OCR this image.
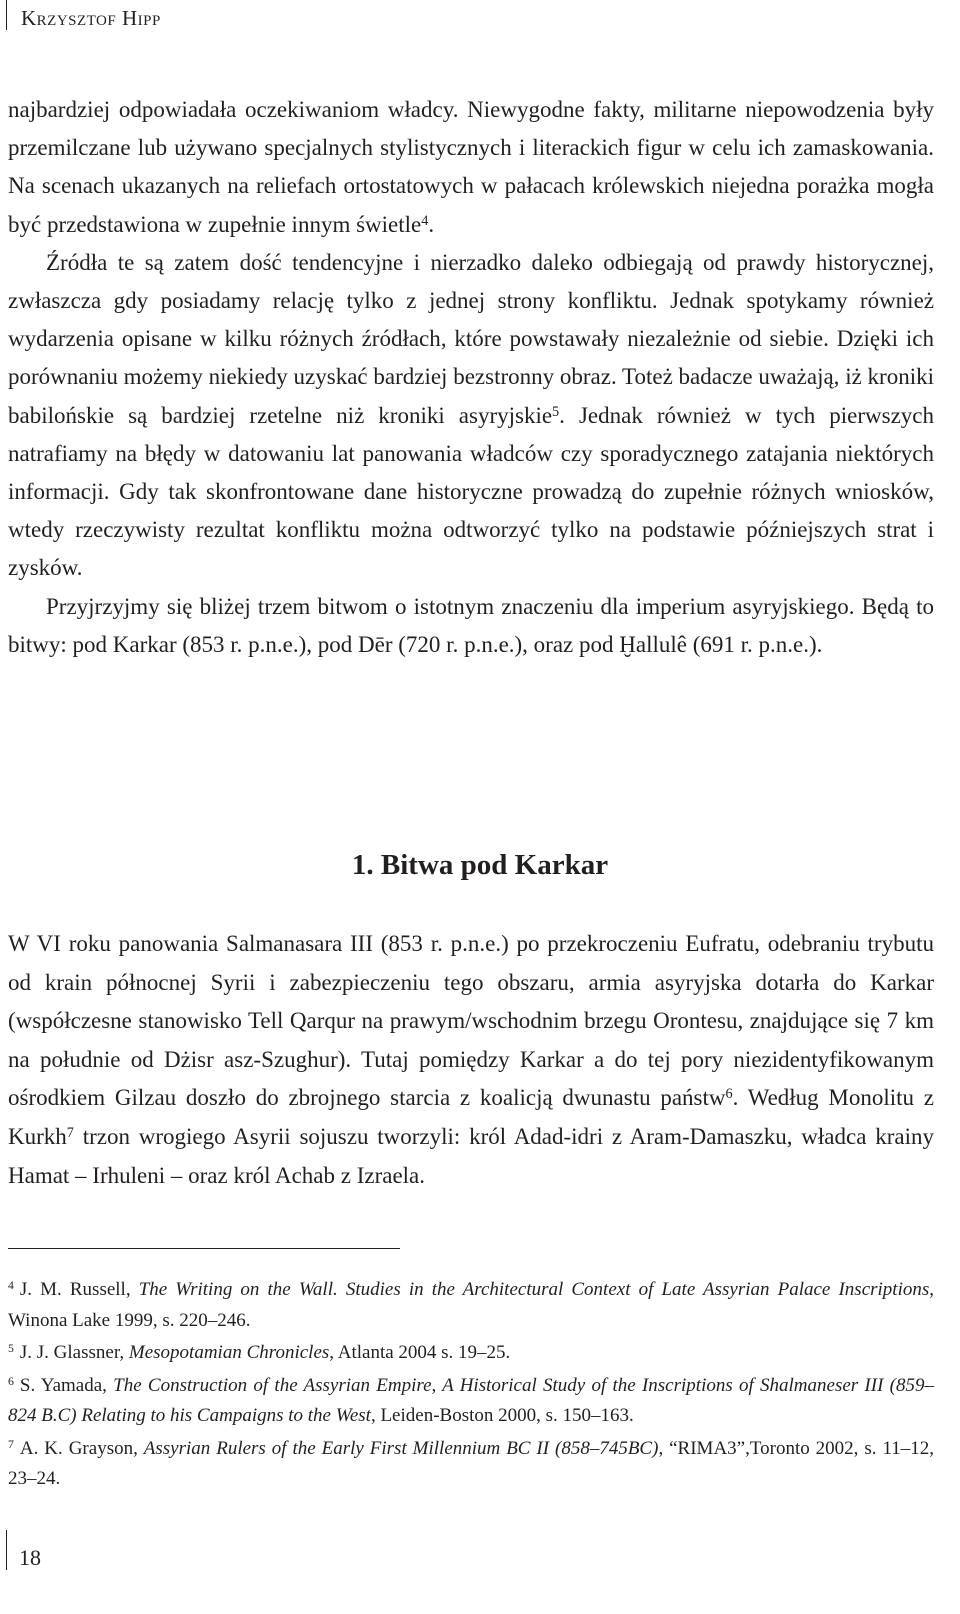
Krzysztof Hipp

najbardziej odpowiadała oczekiwaniom władcy. Niewygodne fakty, militarne niepowodzenia były przemilczane lub używano specjalnych stylistycznych i literackich figur w celu ich zamaskowania. Na scenach ukazanych na reliefach ortostatowych w pałacach królewskich niejedna porażka mogła być przedstawiona w zupełnie innym świetle$^4$.

Źródła te są zatem dość tendencyjne i nierzadko daleko odbiegają od prawdy historycznej, zwłaszcza gdy posiadamy relację tylko z jednej strony konfliktu. Jednak spotykamy również wydarzenia opisane w kilku różnych źródłach, które powstawały niezależnie od siebie. Dzięki ich porównaniu możemy niekiedy uzyskać bardziej bezstronny obraz. Toteż badacze uważają, iż kroniki babilońskie są bardziej rzetelne niż kroniki asyryjskie$^5$. Jednak również w tych pierwszych natrafiamy na błędy w datowaniu lat panowania władców czy sporadycznego zatajania niektórych informacji. Gdy tak skonfrontowane dane historyczne prowadzą do zupełnie różnych wniosków, wtedy rzeczywisty rezultat konfliktu można odtworzyć tylko na podstawie późniejszych strat i zysków.

Przyjrzyjmy się bliżej trzem bitwom o istotnym znaczeniu dla imperium asyryjskiego. Będą to bitwy: pod Karkar (853 r. p.n.e.), pod Dēr (720 r. p.n.e.), oraz pod Ḫallulê (691 r. p.n.e.).

1. Bitwa pod Karkar

W VI roku panowania Salmanasara III (853 r. p.n.e.) po przekroczeniu Eufratu, odebraniu trybutu od krain północnej Syrii i zabezpieczeniu tego obszaru, armia asyryjska dotarła do Karkar (współczesne stanowisko Tell Qarqur na prawym/wschodnim brzegu Orontesu, znajdujące się 7 km na południe od Dżisr asz-Szughur). Tutaj pomiędzy Karkar a do tej pory niezidentyfikowanym ośrodkiem Gilzau doszło do zbrojnego starcia z koalicją dwunastu państw$^6$. Według Monolitu z Kurkh$^7$ trzon wrogiego Asyrii sojuszu tworzyli: król Adad-idri z Aram-Damaszku, władca krainy Hamat – Irhuleni – oraz król Achab z Izraela.

$^4$ J. M. Russell, The Writing on the Wall. Studies in the Architectural Context of Late Assyrian Palace Inscriptions, Winona Lake 1999, s. 220–246.

$^5$ J. J. Glassner, Mesopotamian Chronicles, Atlanta 2004 s. 19–25.

$^6$ S. Yamada, The Construction of the Assyrian Empire, A Historical Study of the Inscriptions of Shalmaneser III (859–824 B.C) Relating to his Campaigns to the West, Leiden-Boston 2000, s. 150–163.

$^7$ A. K. Grayson, Assyrian Rulers of the Early First Millennium BC II (858–745BC), “RIMA3”,Toronto 2002, s. 11–12, 23–24.

18
